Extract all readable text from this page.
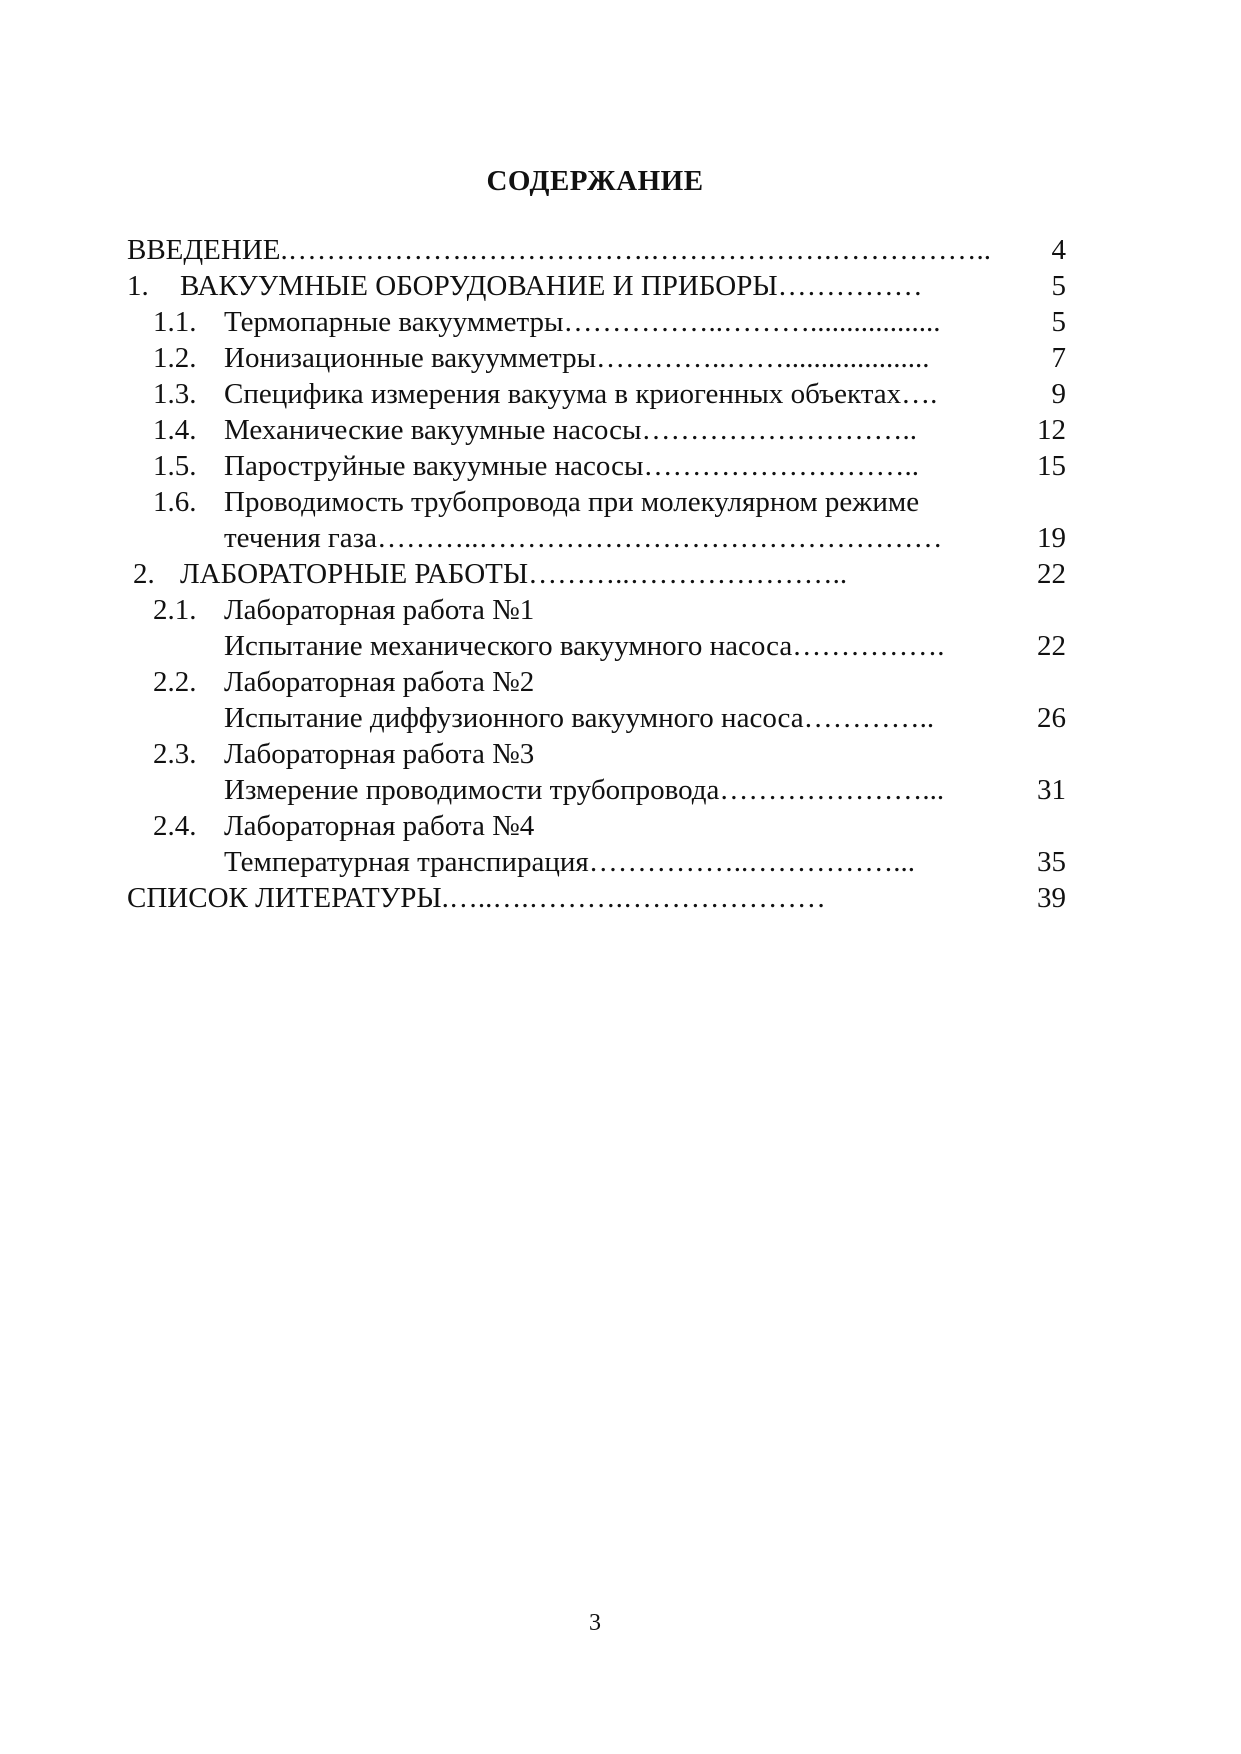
СОДЕРЖАНИЕ
ВВЕДЕНИЕ.……………….……………….……………….……………..	4
1. ВАКУУМНЫЕ ОБОРУДОВАНИЕ И ПРИБОРЫ……………	5
1.1. Термопарные вакуумметры……………..………..................	5
1.2. Ионизационные вакуумметры…………..……....................	7
1.3. Специфика измерения вакуума в криогенных объектах….	9
1.4. Механические вакуумные насосы………………………..	12
1.5. Пароструйные вакуумные насосы………………………..	15
1.6. Проводимость трубопровода при молекулярном режиме
течения газа………..…………………………………………	19
2. ЛАБОРАТОРНЫЕ РАБОТЫ………..…………………..	22
2.1. Лабораторная работа №1
Испытание механического вакуумного насоса…………….	22
2.2. Лабораторная работа №2
Испытание диффузионного вакуумного насоса…………..	26
2.3. Лабораторная работа №3
Измерение проводимости трубопровода…………………...	31
2.4. Лабораторная работа №4
Температурная транспирация……………..……………...	35
СПИСОК ЛИТЕРАТУРЫ.…..….……….…………………	39
3
